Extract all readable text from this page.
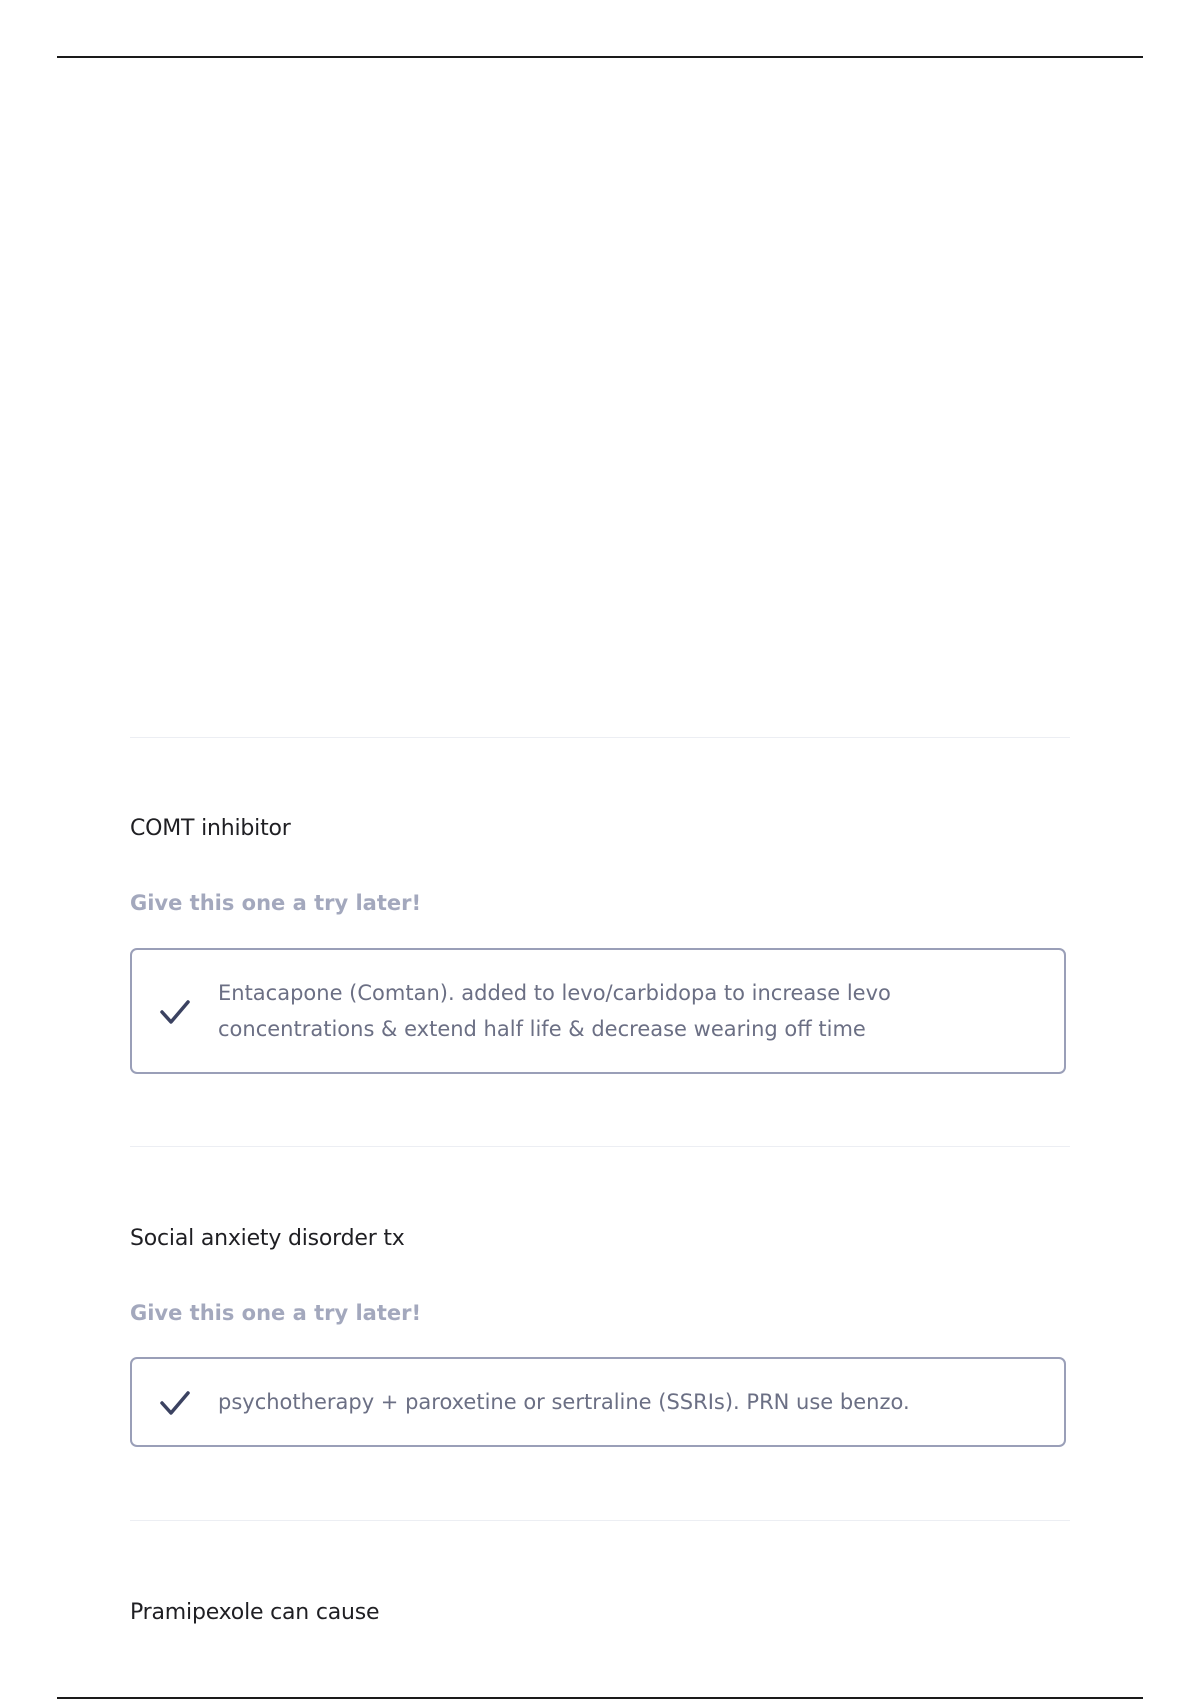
COMT inhibitor
Give this one a try later!
Entacapone (Comtan). added to levo/carbidopa to increase levo concentrations & extend half life & decrease wearing off time
Social anxiety disorder tx
Give this one a try later!
psychotherapy + paroxetine or sertraline (SSRIs). PRN use benzo.
Pramipexole can cause
